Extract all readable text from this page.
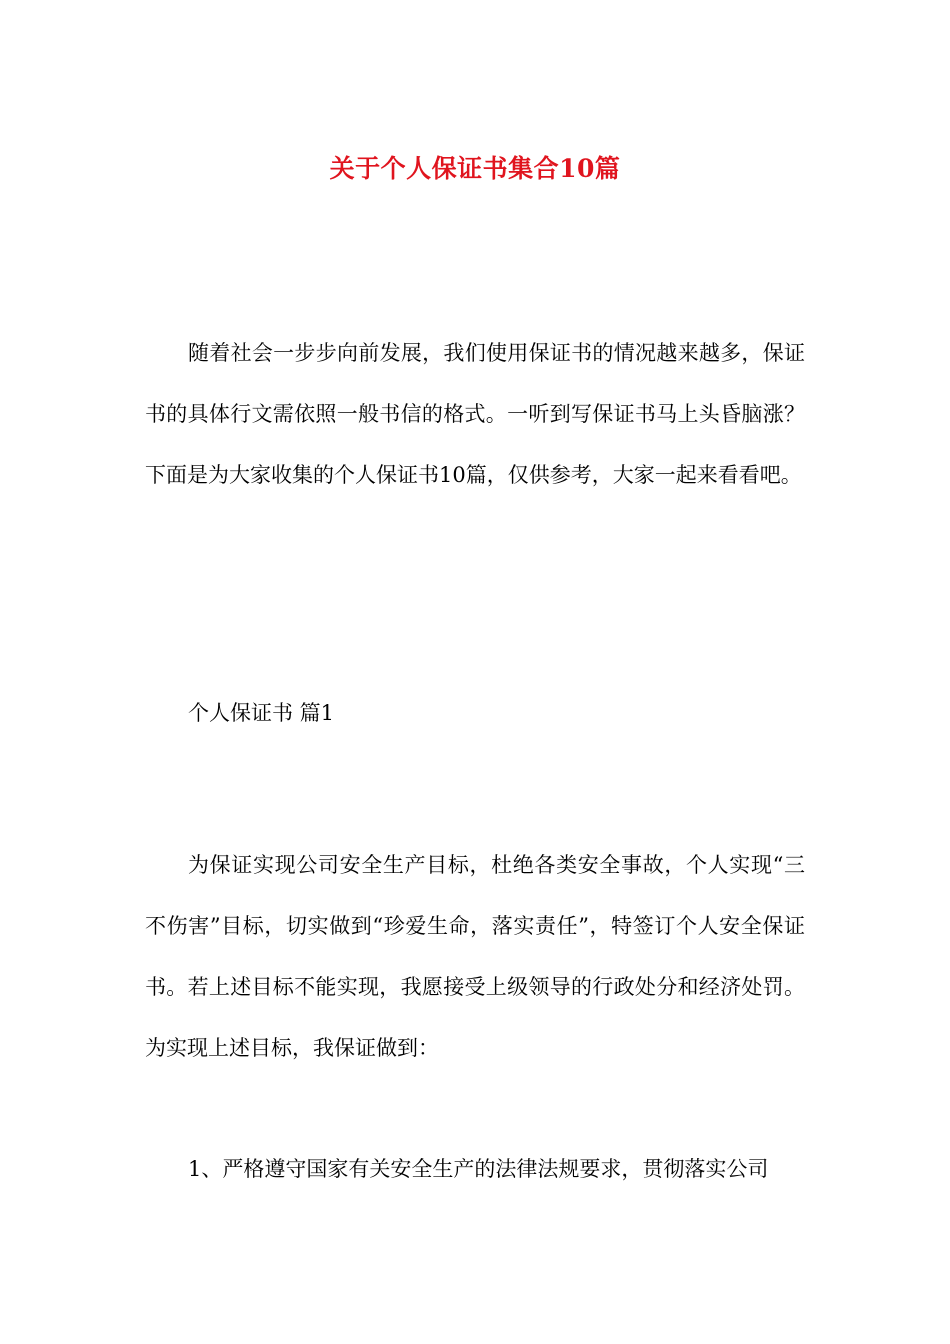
关于个人保证书集合10篇

随着社会一步步向前发展，我们使用保证书的情况越来越多，保证书的具体行文需依照一般书信的格式。一听到写保证书马上头昏脑涨？下面是为大家收集的个人保证书10篇，仅供参考，大家一起来看看吧。

个人保证书 篇1

为保证实现公司安全生产目标，杜绝各类安全事故，个人实现“三不伤害”目标，切实做到“珍爱生命，落实责任”，特签订个人安全保证书。若上述目标不能实现，我愿接受上级领导的行政处分和经济处罚。为实现上述目标，我保证做到：

1、严格遵守国家有关安全生产的法律法规要求，贯彻落实公司
